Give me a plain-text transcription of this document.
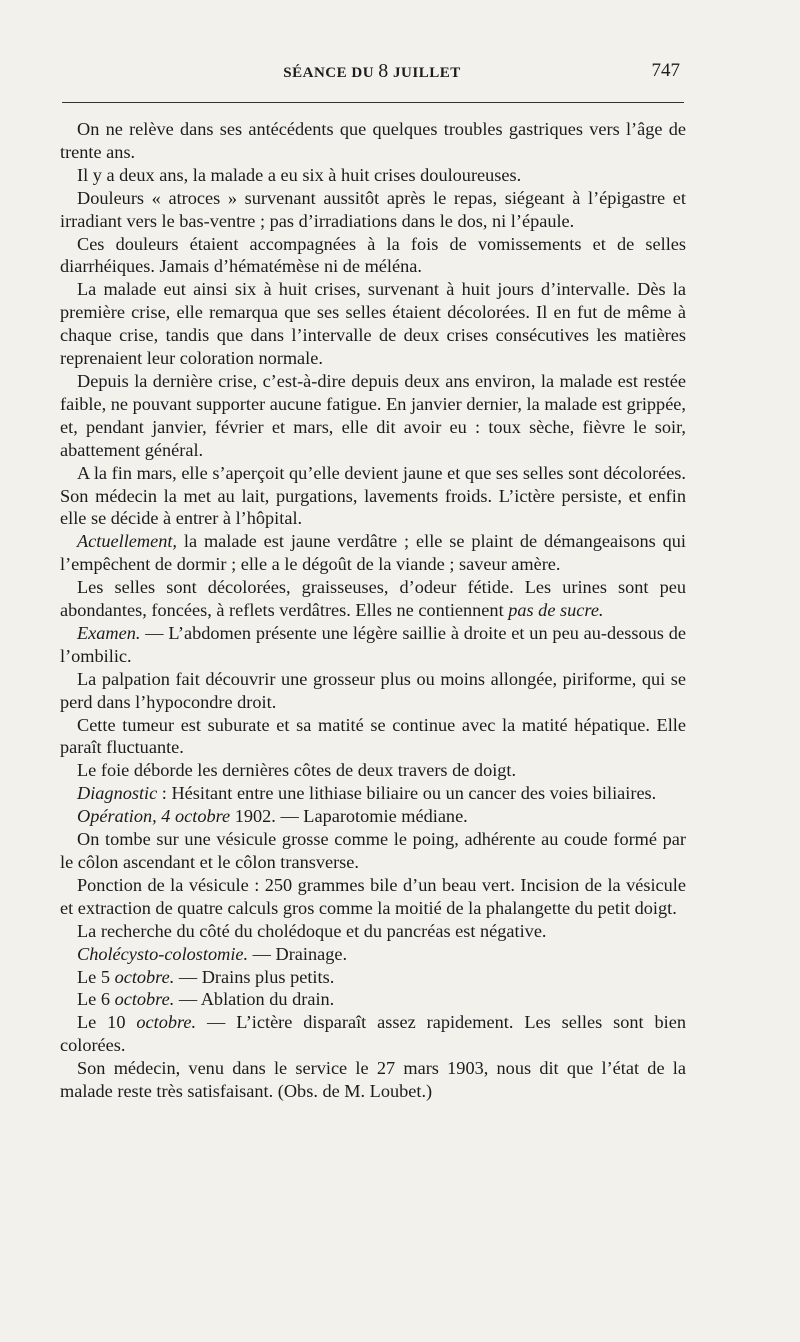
SÉANCE DU 8 JUILLET	747

On ne relève dans ses antécédents que quelques troubles gastriques vers l’âge de trente ans.

Il y a deux ans, la malade a eu six à huit crises douloureuses.

Douleurs « atroces » survenant aussitôt après le repas, siégeant à l’épigastre et irradiant vers le bas-ventre ; pas d’irradiations dans le dos, ni l’épaule.

Ces douleurs étaient accompagnées à la fois de vomissements et de selles diarrhéiques. Jamais d’hématémèse ni de méléna.

La malade eut ainsi six à huit crises, survenant à huit jours d’intervalle. Dès la première crise, elle remarqua que ses selles étaient décolorées. Il en fut de même à chaque crise, tandis que dans l’intervalle de deux crises consécutives les matières reprenaient leur coloration normale.

Depuis la dernière crise, c’est-à-dire depuis deux ans environ, la malade est restée faible, ne pouvant supporter aucune fatigue. En janvier dernier, la malade est grippée, et, pendant janvier, février et mars, elle dit avoir eu : toux sèche, fièvre le soir, abattement général.

A la fin mars, elle s’aperçoit qu’elle devient jaune et que ses selles sont décolorées. Son médecin la met au lait, purgations, lavements froids. L’ictère persiste, et enfin elle se décide à entrer à l’hôpital.

Actuellement, la malade est jaune verdâtre ; elle se plaint de démangeaisons qui l’empêchent de dormir ; elle a le dégoût de la viande ; saveur amère.

Les selles sont décolorées, graisseuses, d’odeur fétide. Les urines sont peu abondantes, foncées, à reflets verdâtres. Elles ne contiennent pas de sucre.

Examen. — L’abdomen présente une légère saillie à droite et un peu au-dessous de l’ombilic.

La palpation fait découvrir une grosseur plus ou moins allongée, piriforme, qui se perd dans l’hypocondre droit.

Cette tumeur est suburate et sa matité se continue avec la matité hépatique. Elle paraît fluctuante.

Le foie déborde les dernières côtes de deux travers de doigt.

Diagnostic : Hésitant entre une lithiase biliaire ou un cancer des voies biliaires.

Opération, 4 octobre 1902. — Laparotomie médiane.

On tombe sur une vésicule grosse comme le poing, adhérente au coude formé par le côlon ascendant et le côlon transverse.

Ponction de la vésicule : 250 grammes bile d’un beau vert. Incision de la vésicule et extraction de quatre calculs gros comme la moitié de la phalangette du petit doigt.

La recherche du côté du cholédoque et du pancréas est négative.

Cholécysto-colostomie. — Drainage.

Le 5 octobre. — Drains plus petits.

Le 6 octobre. — Ablation du drain.

Le 10 octobre. — L’ictère disparaît assez rapidement. Les selles sont bien colorées.

Son médecin, venu dans le service le 27 mars 1903, nous dit que l’état de la malade reste très satisfaisant. (Obs. de M. Loubet.)
